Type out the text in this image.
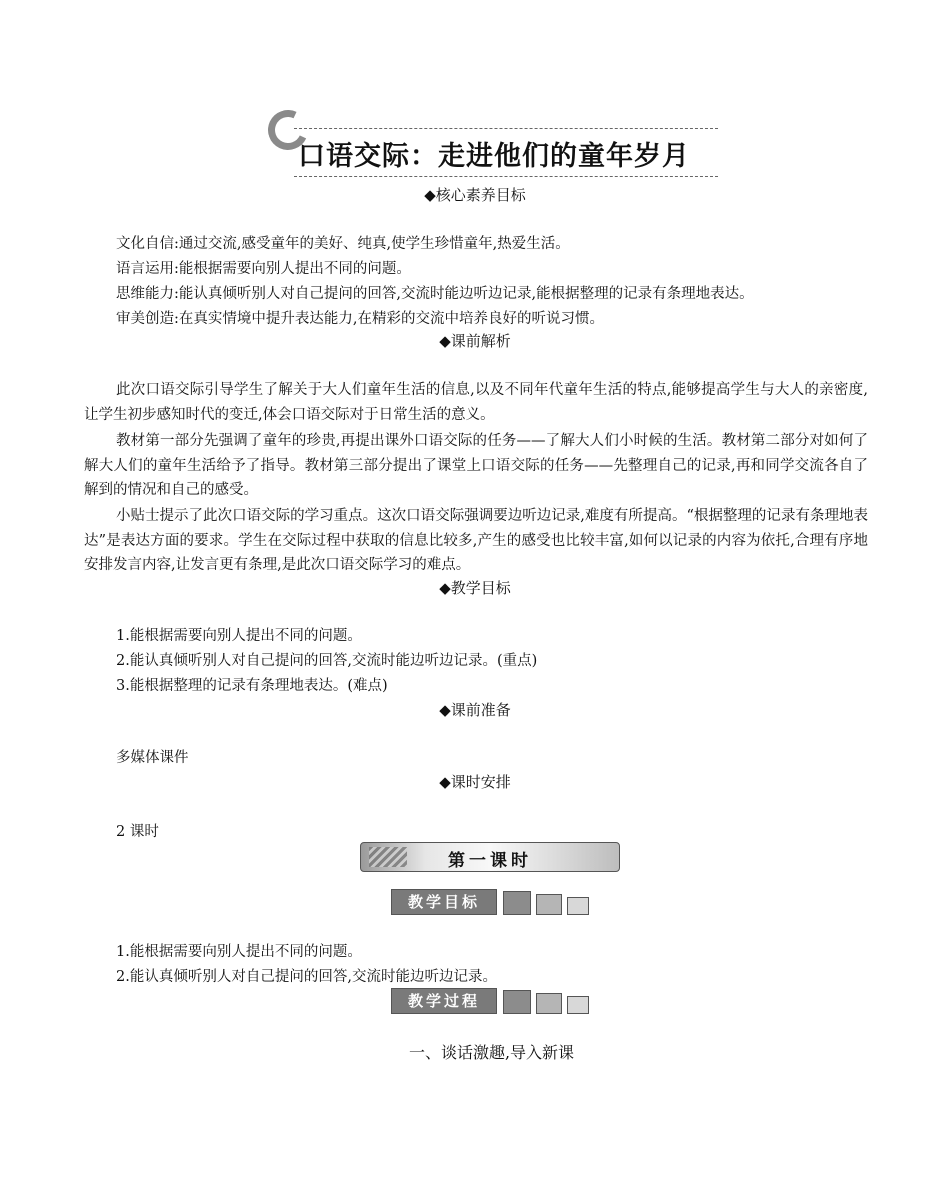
口语交际：走进他们的童年岁月
◆核心素养目标
文化自信:通过交流,感受童年的美好、纯真,使学生珍惜童年,热爱生活。
语言运用:能根据需要向别人提出不同的问题。
思维能力:能认真倾听别人对自己提问的回答,交流时能边听边记录,能根据整理的记录有条理地表达。
审美创造:在真实情境中提升表达能力,在精彩的交流中培养良好的听说习惯。
◆课前解析
此次口语交际引导学生了解关于大人们童年生活的信息,以及不同年代童年生活的特点,能够提高学生与大人的亲密度,让学生初步感知时代的变迁,体会口语交际对于日常生活的意义。
教材第一部分先强调了童年的珍贵,再提出课外口语交际的任务——了解大人们小时候的生活。教材第二部分对如何了解大人们的童年生活给予了指导。教材第三部分提出了课堂上口语交际的任务——先整理自己的记录,再和同学交流各自了解到的情况和自己的感受。
小贴士提示了此次口语交际的学习重点。这次口语交际强调要边听边记录,难度有所提高。“根据整理的记录有条理地表达”是表达方面的要求。学生在交际过程中获取的信息比较多,产生的感受也比较丰富,如何以记录的内容为依托,合理有序地安排发言内容,让发言更有条理,是此次口语交际学习的难点。
◆教学目标
1.能根据需要向别人提出不同的问题。
2.能认真倾听别人对自己提问的回答,交流时能边听边记录。(重点)
3.能根据整理的记录有条理地表达。(难点)
◆课前准备
多媒体课件
◆课时安排
2 课时
第一课时
教学目标
1.能根据需要向别人提出不同的问题。
2.能认真倾听别人对自己提问的回答,交流时能边听边记录。
教学过程
一、谈话激趣,导入新课
